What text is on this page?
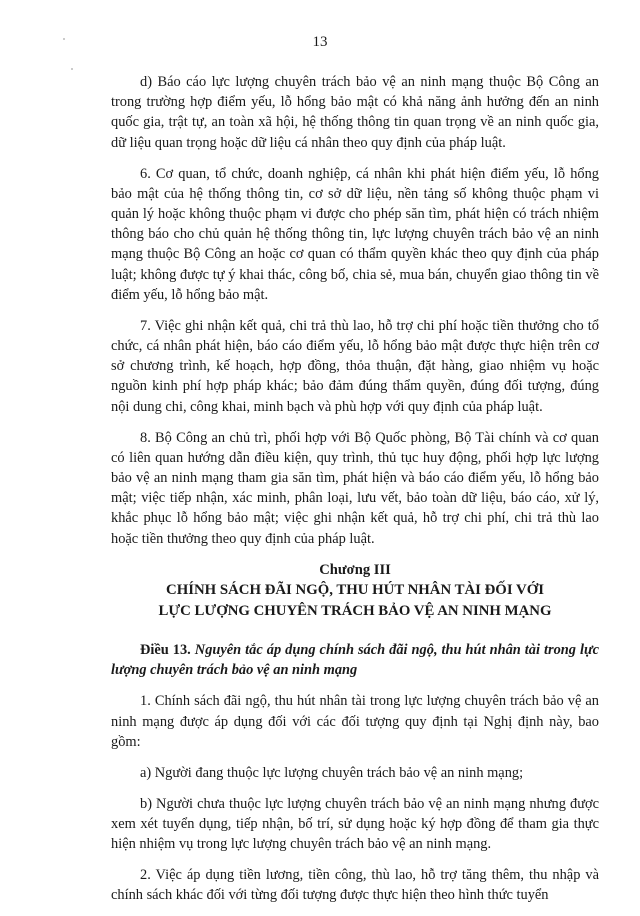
13

d) Báo cáo lực lượng chuyên trách bảo vệ an ninh mạng thuộc Bộ Công an trong trường hợp điểm yếu, lỗ hổng bảo mật có khả năng ảnh hưởng đến an ninh quốc gia, trật tự, an toàn xã hội, hệ thống thông tin quan trọng về an ninh quốc gia, dữ liệu quan trọng hoặc dữ liệu cá nhân theo quy định của pháp luật.

6. Cơ quan, tổ chức, doanh nghiệp, cá nhân khi phát hiện điểm yếu, lỗ hổng bảo mật của hệ thống thông tin, cơ sở dữ liệu, nền tảng số không thuộc phạm vi quản lý hoặc không thuộc phạm vi được cho phép săn tìm, phát hiện có trách nhiệm thông báo cho chủ quản hệ thống thông tin, lực lượng chuyên trách bảo vệ an ninh mạng thuộc Bộ Công an hoặc cơ quan có thẩm quyền khác theo quy định của pháp luật; không được tự ý khai thác, công bố, chia sẻ, mua bán, chuyển giao thông tin về điểm yếu, lỗ hổng bảo mật.

7. Việc ghi nhận kết quả, chi trả thù lao, hỗ trợ chi phí hoặc tiền thưởng cho tổ chức, cá nhân phát hiện, báo cáo điểm yếu, lỗ hổng bảo mật được thực hiện trên cơ sở chương trình, kế hoạch, hợp đồng, thỏa thuận, đặt hàng, giao nhiệm vụ hoặc nguồn kinh phí hợp pháp khác; bảo đảm đúng thẩm quyền, đúng đối tượng, đúng nội dung chi, công khai, minh bạch và phù hợp với quy định của pháp luật.

8. Bộ Công an chủ trì, phối hợp với Bộ Quốc phòng, Bộ Tài chính và cơ quan có liên quan hướng dẫn điều kiện, quy trình, thủ tục huy động, phối hợp lực lượng bảo vệ an ninh mạng tham gia săn tìm, phát hiện và báo cáo điểm yếu, lỗ hổng bảo mật; việc tiếp nhận, xác minh, phân loại, lưu vết, bảo toàn dữ liệu, báo cáo, xử lý, khắc phục lỗ hổng bảo mật; việc ghi nhận kết quả, hỗ trợ chi phí, chi trả thù lao hoặc tiền thưởng theo quy định của pháp luật.

Chương III
CHÍNH SÁCH ĐÃI NGỘ, THU HÚT NHÂN TÀI ĐỐI VỚI
LỰC LƯỢNG CHUYÊN TRÁCH BẢO VỆ AN NINH MẠNG

Điều 13. Nguyên tắc áp dụng chính sách đãi ngộ, thu hút nhân tài trong lực lượng chuyên trách bảo vệ an ninh mạng

1. Chính sách đãi ngộ, thu hút nhân tài trong lực lượng chuyên trách bảo vệ an ninh mạng được áp dụng đối với các đối tượng quy định tại Nghị định này, bao gồm:

a) Người đang thuộc lực lượng chuyên trách bảo vệ an ninh mạng;

b) Người chưa thuộc lực lượng chuyên trách bảo vệ an ninh mạng nhưng được xem xét tuyển dụng, tiếp nhận, bố trí, sử dụng hoặc ký hợp đồng để tham gia thực hiện nhiệm vụ trong lực lượng chuyên trách bảo vệ an ninh mạng.

2. Việc áp dụng tiền lương, tiền công, thù lao, hỗ trợ tăng thêm, thu nhập và chính sách khác đối với từng đối tượng được thực hiện theo hình thức tuyển
